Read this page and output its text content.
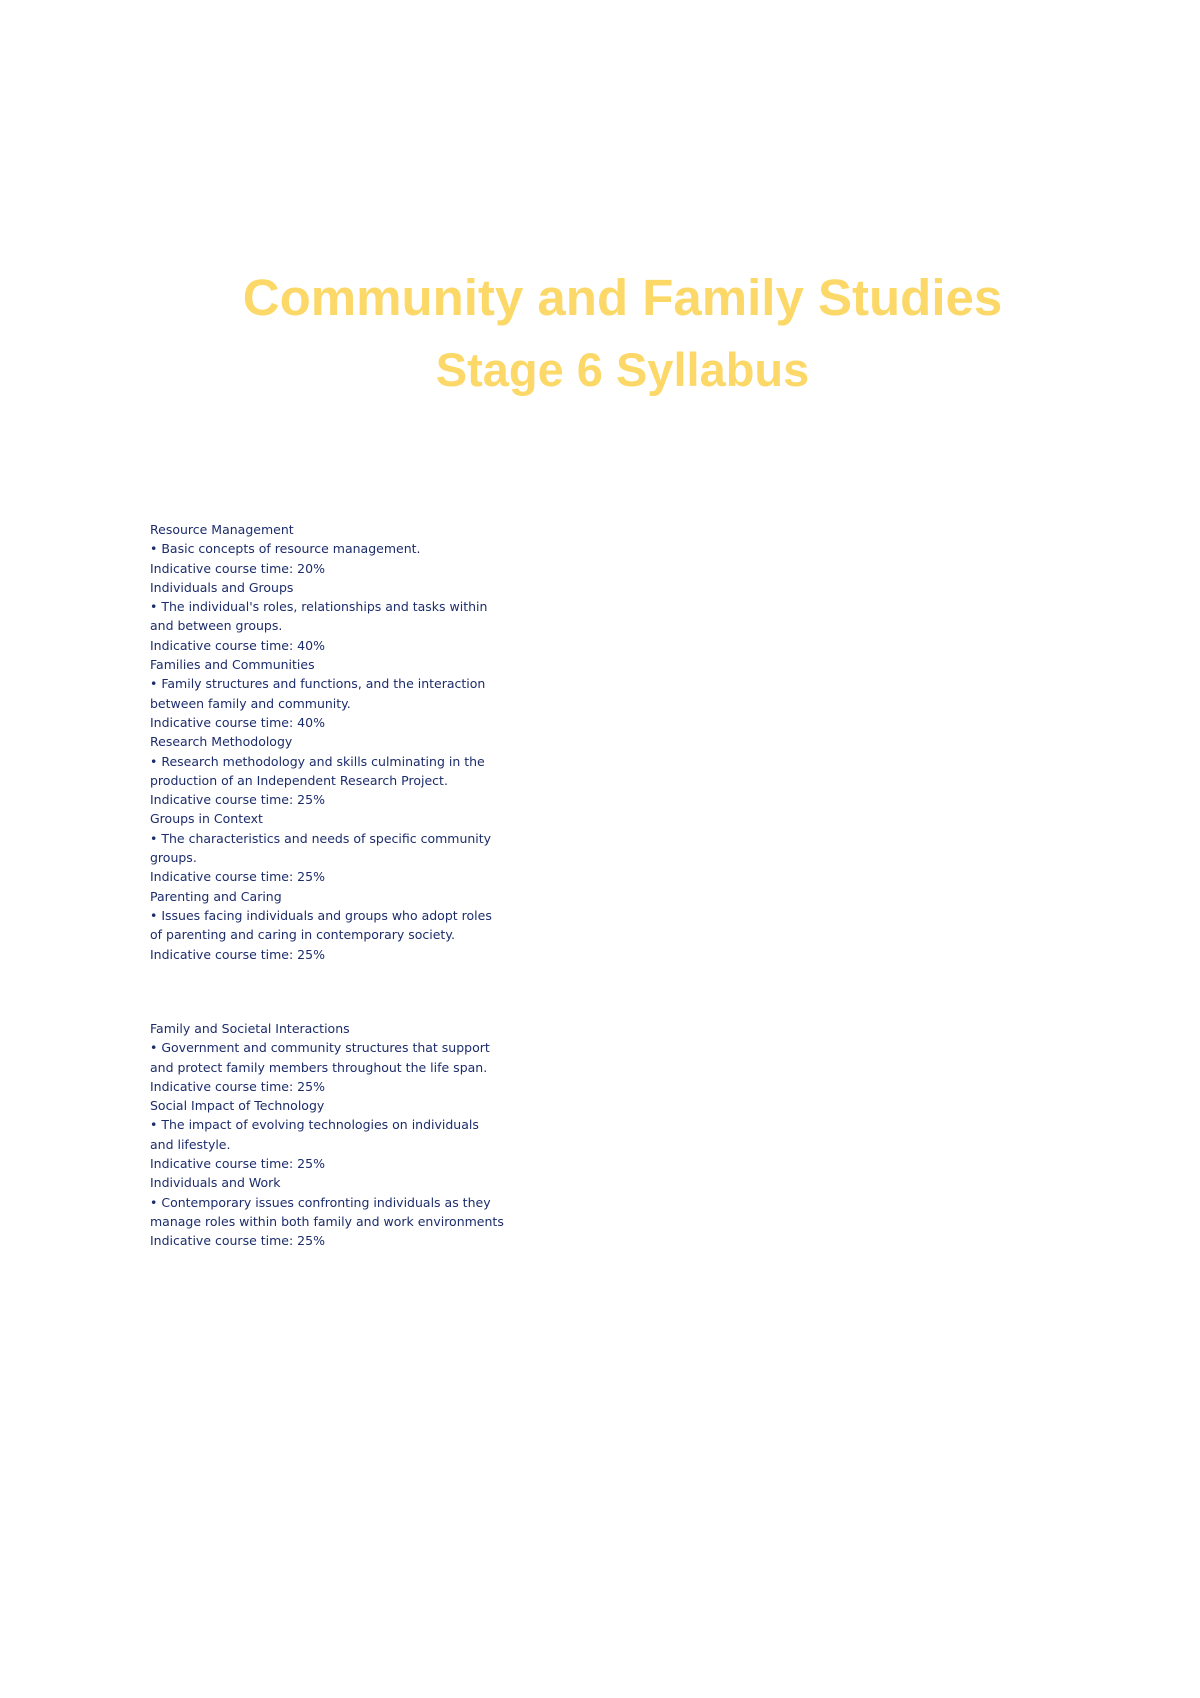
Community and Family Studies
Stage 6 Syllabus
Resource Management
• Basic concepts of resource management.
Indicative course time: 20%
Individuals and Groups
• The individual's roles, relationships and tasks within
and between groups.
Indicative course time: 40%
Families and Communities
• Family structures and functions, and the interaction
between family and community.
Indicative course time: 40%
Research Methodology
• Research methodology and skills culminating in the
production of an Independent Research Project.
Indicative course time: 25%
Groups in Context
• The characteristics and needs of specific community
groups.
Indicative course time: 25%
Parenting and Caring
• Issues facing individuals and groups who adopt roles
of parenting and caring in contemporary society.
Indicative course time: 25%
Family and Societal Interactions
• Government and community structures that support
and protect family members throughout the life span.
Indicative course time: 25%
Social Impact of Technology
• The impact of evolving technologies on individuals
and lifestyle.
Indicative course time: 25%
Individuals and Work
• Contemporary issues confronting individuals as they
manage roles within both family and work environments
Indicative course time: 25%
